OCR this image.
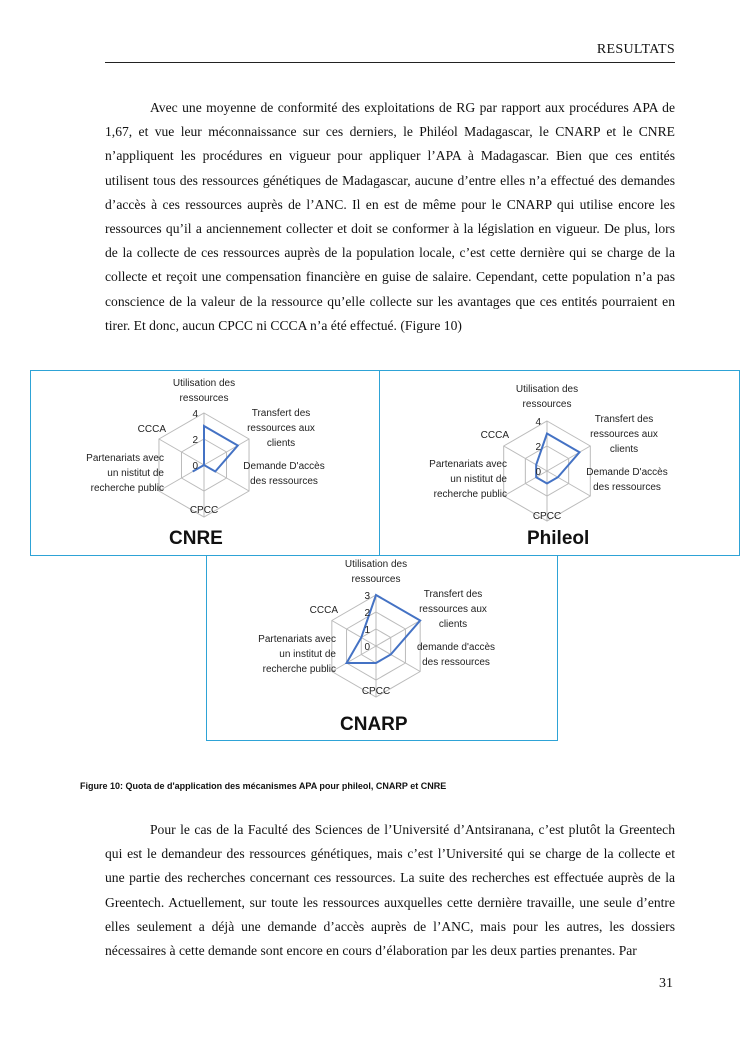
RESULTATS

Avec une moyenne de conformité des exploitations de RG par rapport aux procédures APA de 1,67, et vue leur méconnaissance sur ces derniers, le Philéol Madagascar, le CNARP et le CNRE n’appliquent les procédures en vigueur pour appliquer l’APA à Madagascar. Bien que ces entités utilisent tous des ressources génétiques de Madagascar, aucune d’entre elles n’a effectué des demandes d’accès à ces ressources auprès de l’ANC. Il en est de même pour le CNARP qui utilise encore les ressources qu’il a anciennement collecter et doit se conformer à la législation en vigueur. De plus, lors de la collecte de ces ressources auprès de la population locale, c’est cette dernière qui se charge de la collecte et reçoit une compensation financière en guise de salaire. Cependant, cette population n’a pas conscience de la valeur de la ressource qu’elle collecte sur les avantages que ces entités pourraient en tirer. Et donc, aucun CPCC ni CCCA n’a été effectué. (Figure 10)

4
2
0
Utilisation des
ressources
Transfert des
ressources aux
clients
Demande D'accès
des ressources
CPCC
Partenariats avec
un nistitut de
recherche public
CCCA
CNRE
4
2
0
Utilisation des
ressources
Transfert des
ressources aux
clients
Demande D'accès
des ressources
CPCC
Partenariats avec
un nistitut de
recherche public
CCCA
Phileol
3
2
1
0
Utilisation des
ressources
Transfert des
ressources aux
clients
demande d'accès
des ressources
CPCC
Partenariats avec
un institut de
recherche public
CCCA
CNARP
Figure 10: Quota de d'application des mécanismes APA pour phileol, CNARP et CNRE

Pour le cas de la Faculté des Sciences de l’Université d’Antsiranana, c’est plutôt la Greentech qui est le demandeur des ressources génétiques, mais c’est l’Université qui se charge de la collecte et une partie des recherches concernant ces ressources. La suite des recherches est effectuée auprès de la Greentech. Actuellement, sur toute les ressources auxquelles cette dernière travaille, une seule d’entre elles seulement a déjà une demande d’accès auprès de l’ANC, mais pour les autres, les dossiers nécessaires à cette demande sont encore en cours d’élaboration par les deux parties prenantes. Par

31
